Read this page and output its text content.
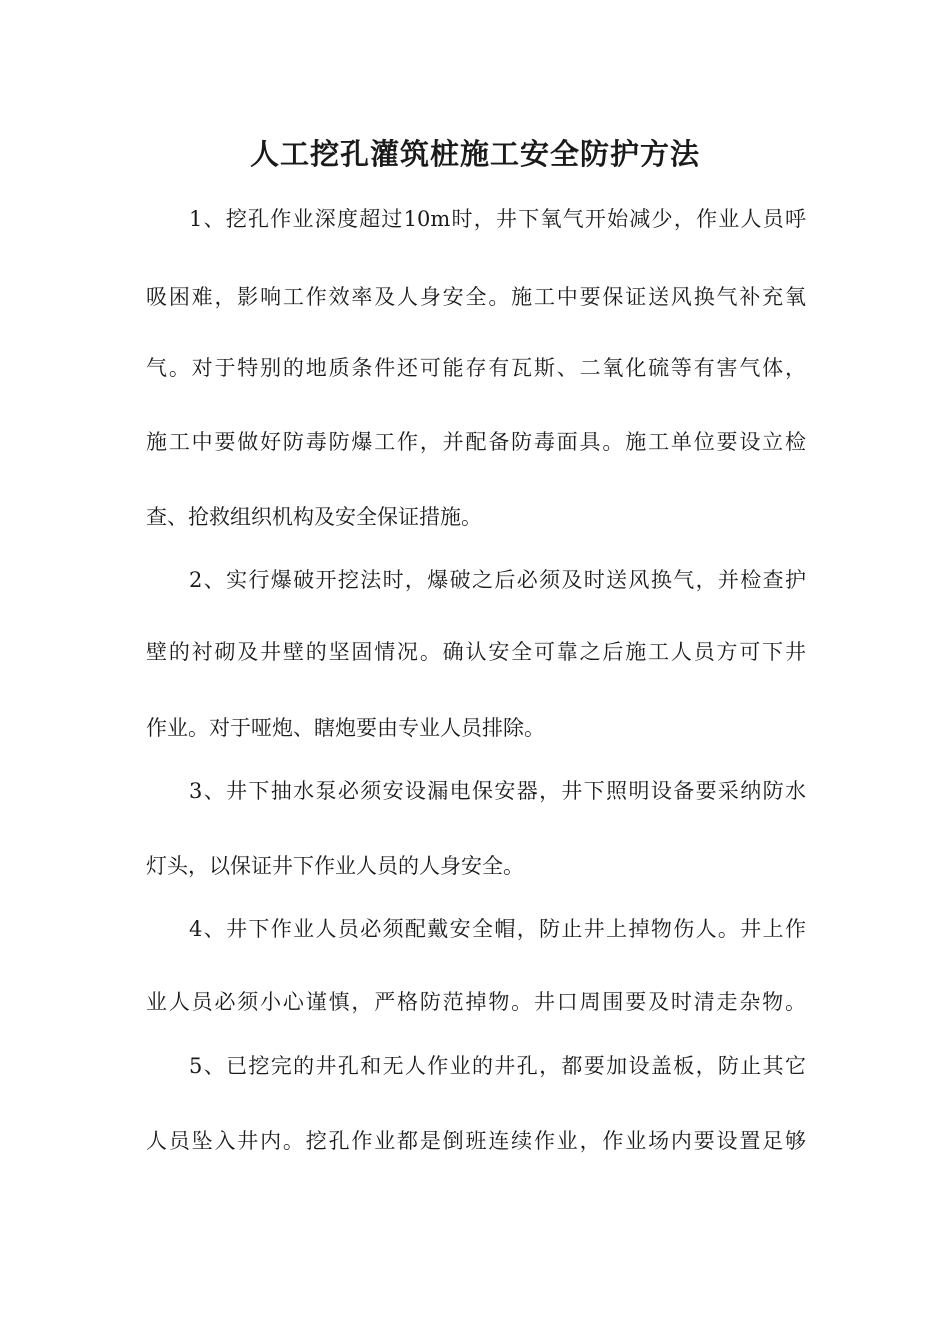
人工挖孔灌筑桩施工安全防护方法
1、挖孔作业深度超过10m时，井下氧气开始减少，作业人员呼
吸困难，影响工作效率及人身安全。施工中要保证送风换气补充氧
气。对于特别的地质条件还可能存有瓦斯、二氧化硫等有害气体，
施工中要做好防毒防爆工作，并配备防毒面具。施工单位要设立检
查、抢救组织机构及安全保证措施。
2、实行爆破开挖法时，爆破之后必须及时送风换气，并检查护
壁的衬砌及井壁的坚固情况。确认安全可靠之后施工人员方可下井
作业。对于哑炮、瞎炮要由专业人员排除。
3、井下抽水泵必须安设漏电保安器，井下照明设备要采纳防水
灯头，以保证井下作业人员的人身安全。
4、井下作业人员必须配戴安全帽，防止井上掉物伤人。井上作
业人员必须小心谨慎，严格防范掉物。井口周围要及时清走杂物。
5、已挖完的井孔和无人作业的井孔，都要加设盖板，防止其它
人员坠入井内。挖孔作业都是倒班连续作业，作业场内要设置足够
